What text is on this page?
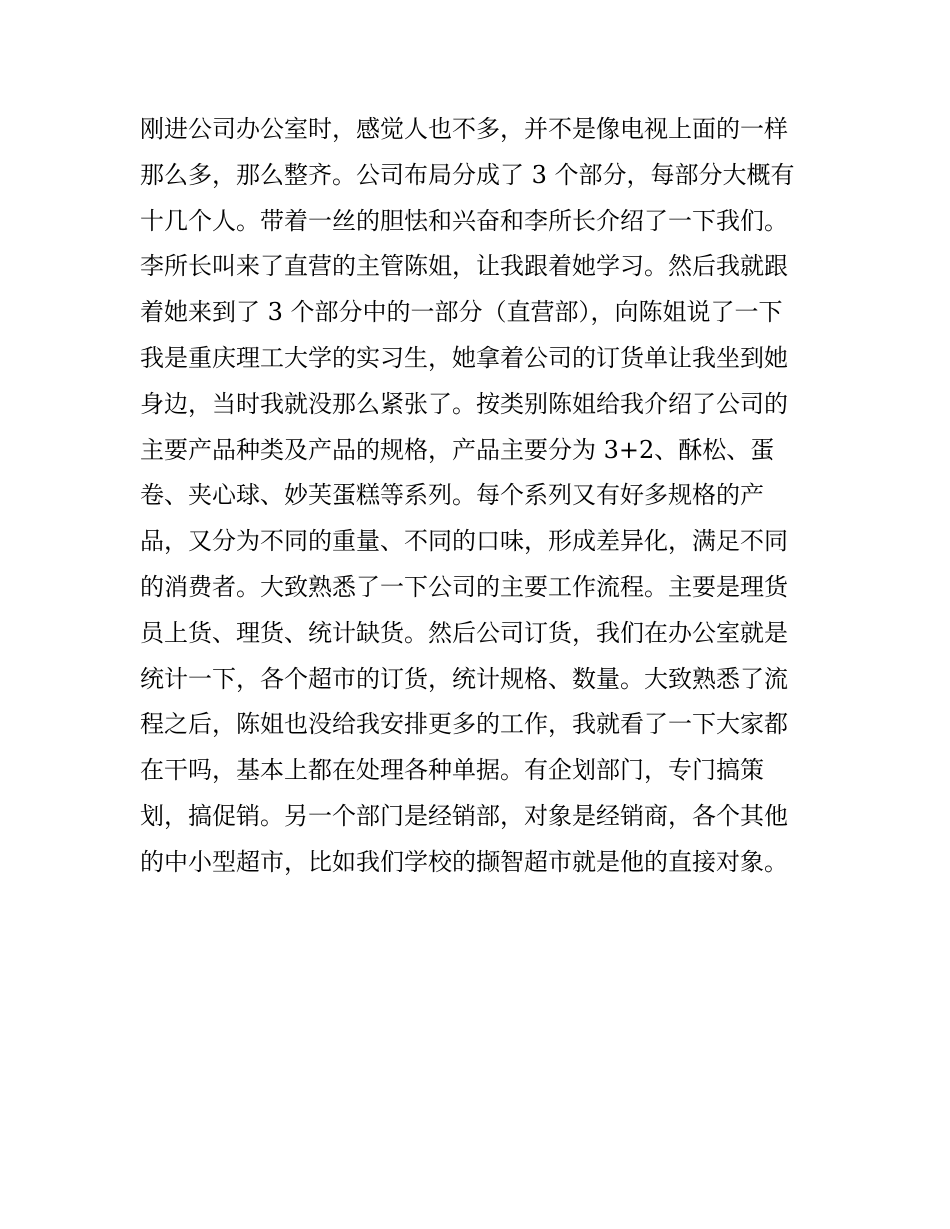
刚进公司办公室时，感觉人也不多，并不是像电视上面的一样
那么多，那么整齐。公司布局分成了 3 个部分，每部分大概有
十几个人。带着一丝的胆怯和兴奋和李所长介绍了一下我们。
李所长叫来了直营的主管陈姐，让我跟着她学习。然后我就跟
着她来到了 3 个部分中的一部分（直营部），向陈姐说了一下
我是重庆理工大学的实习生，她拿着公司的订货单让我坐到她
身边，当时我就没那么紧张了。按类别陈姐给我介绍了公司的
主要产品种类及产品的规格，产品主要分为 3+2、酥松、蛋
卷、夹心球、妙芙蛋糕等系列。每个系列又有好多规格的产
品，又分为不同的重量、不同的口味，形成差异化，满足不同
的消费者。大致熟悉了一下公司的主要工作流程。主要是理货
员上货、理货、统计缺货。然后公司订货，我们在办公室就是
统计一下，各个超市的订货，统计规格、数量。大致熟悉了流
程之后，陈姐也没给我安排更多的工作，我就看了一下大家都
在干吗，基本上都在处理各种单据。有企划部门，专门搞策
划，搞促销。另一个部门是经销部，对象是经销商，各个其他
的中小型超市，比如我们学校的撷智超市就是他的直接对象。
